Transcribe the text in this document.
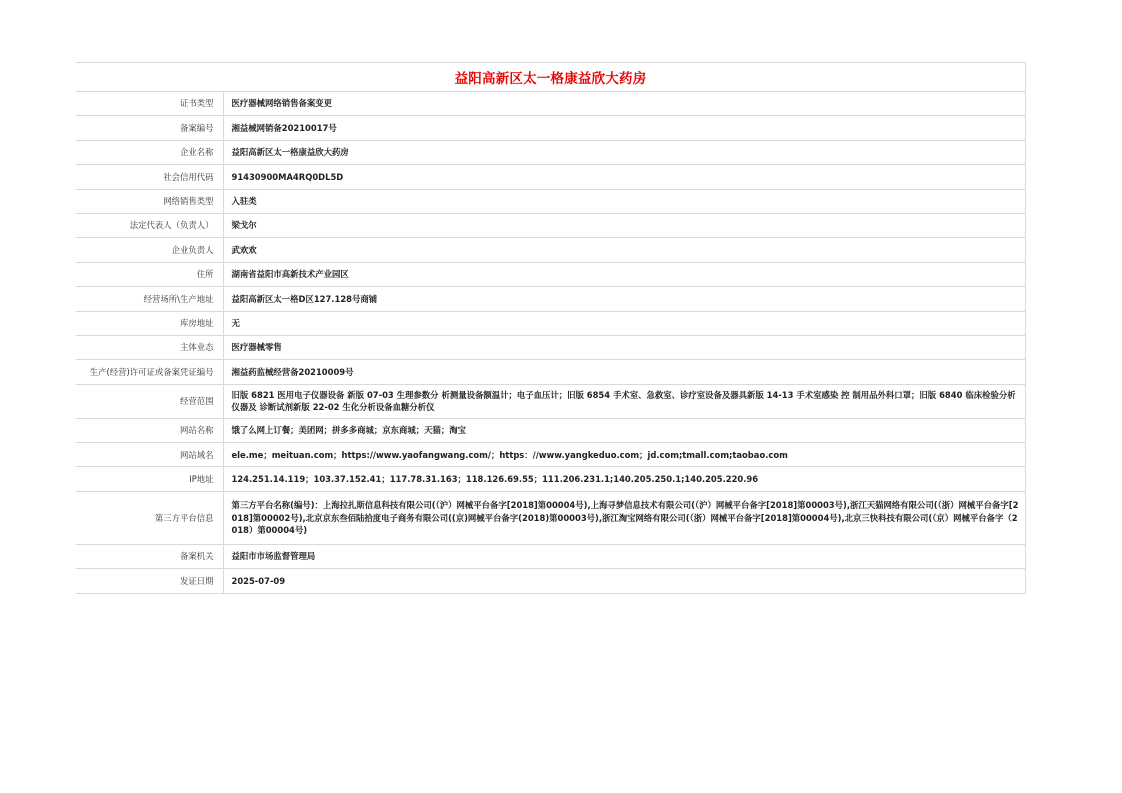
益阳高新区太一格康益欣大药房
证书类型	医疗器械网络销售备案变更
备案编号	湘益械网销备20210017号
企业名称	益阳高新区太一格康益欣大药房
社会信用代码	91430900MA4RQ0DL5D
网络销售类型	入驻类
法定代表人（负责人）	梁戈尔
企业负责人	武欢欢
住所	湖南省益阳市高新技术产业园区
经营场所\生产地址	益阳高新区太一格D区127.128号商铺
库房地址	无
主体业态	医疗器械零售
生产(经营)许可证或备案凭证编号	湘益药监械经营备20210009号
经营范围	旧版 6821 医用电子仪器设备 新版 07-03 生理参数分 析测量设备额温计；电子血压计；旧版 6854 手术室、急救室、诊疗室设备及器具新版 14-13 手术室感染 控 制用品外科口罩；旧版 6840 临床检验分析仪器及 诊断试剂新版 22-02 生化分析设备血糖分析仪
网站名称	饿了么网上订餐；美团网；拼多多商城；京东商城；天猫；淘宝
网站域名	ele.me；meituan.com；https://www.yaofangwang.com/；https：//www.yangkeduo.com；jd.com;tmall.com;taobao.com
IP地址	124.251.14.119；103.37.152.41；117.78.31.163；118.126.69.55；111.206.231.1;140.205.250.1;140.205.220.96
第三方平台信息	第三方平台名称(编号)：上海拉扎斯信息科技有限公司(（沪）网械平台备字[2018]第00004号),上海寻梦信息技术有限公司(（沪）网械平台备字[2018]第00003号),浙江天猫网络有限公司(（浙）网械平台备字[2018]第00002号),北京京东叁佰陆拾度电子商务有限公司((京)网械平台备字(2018)第00003号),浙江淘宝网络有限公司(（浙）网械平台备字[2018]第00004号),北京三快科技有限公司(（京）网械平台备字（2018）第00004号)
备案机关	益阳市市场监督管理局
发证日期	2025-07-09
